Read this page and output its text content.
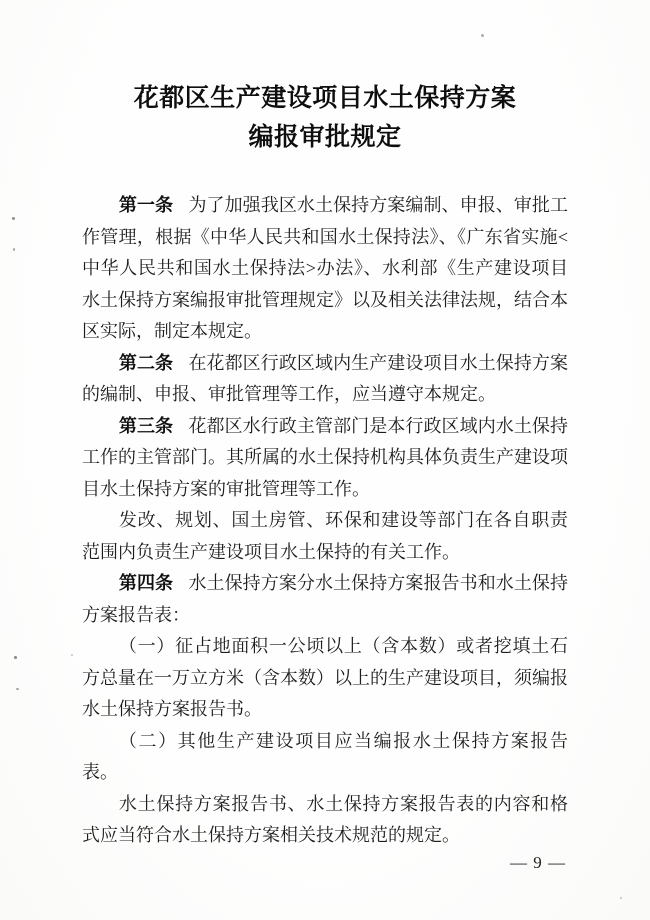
花都区生产建设项目水土保持方案
编报审批规定

第一条 为了加强我区水土保持方案编制、申报、审批工作管理，根据《中华人民共和国水土保持法》、《广东省实施<中华人民共和国水土保持法>办法》、水利部《生产建设项目水土保持方案编报审批管理规定》以及相关法律法规，结合本区实际，制定本规定。

第二条 在花都区行政区域内生产建设项目水土保持方案的编制、申报、审批管理等工作，应当遵守本规定。

第三条 花都区水行政主管部门是本行政区域内水土保持工作的主管部门。其所属的水土保持机构具体负责生产建设项目水土保持方案的审批管理等工作。

发改、规划、国土房管、环保和建设等部门在各自职责范围内负责生产建设项目水土保持的有关工作。

第四条 水土保持方案分水土保持方案报告书和水土保持方案报告表：

（一）征占地面积一公顷以上（含本数）或者挖填土石方总量在一万立方米（含本数）以上的生产建设项目，须编报水土保持方案报告书。

（二）其他生产建设项目应当编报水土保持方案报告表。

水土保持方案报告书、水土保持方案报告表的内容和格式应当符合水土保持方案相关技术规范的规定。

— 9 —
